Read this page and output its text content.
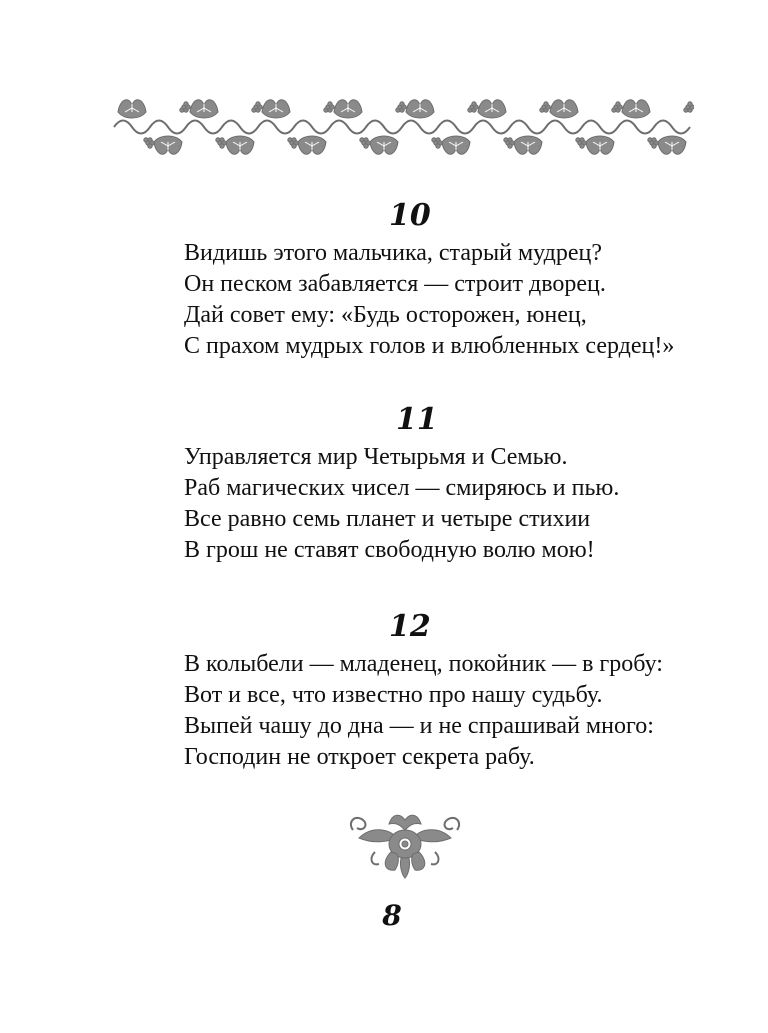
10
Видишь этого мальчика, старый мудрец?
Он песком забавляется — строит дворец.
Дай совет ему: «Будь осторожен, юнец,
С прахом мудрых голов и влюбленных сердец!»
11
Управляется мир Четырьмя и Семью.
Раб магических чисел — смиряюсь и пью.
Все равно семь планет и четыре стихии
В грош не ставят свободную волю мою!
12
В колыбели — младенец, покойник — в гробу:
Вот и все, что известно про нашу судьбу.
Выпей чашу до дна — и не спрашивай много:
Господин не откроет секрета рабу.
8
